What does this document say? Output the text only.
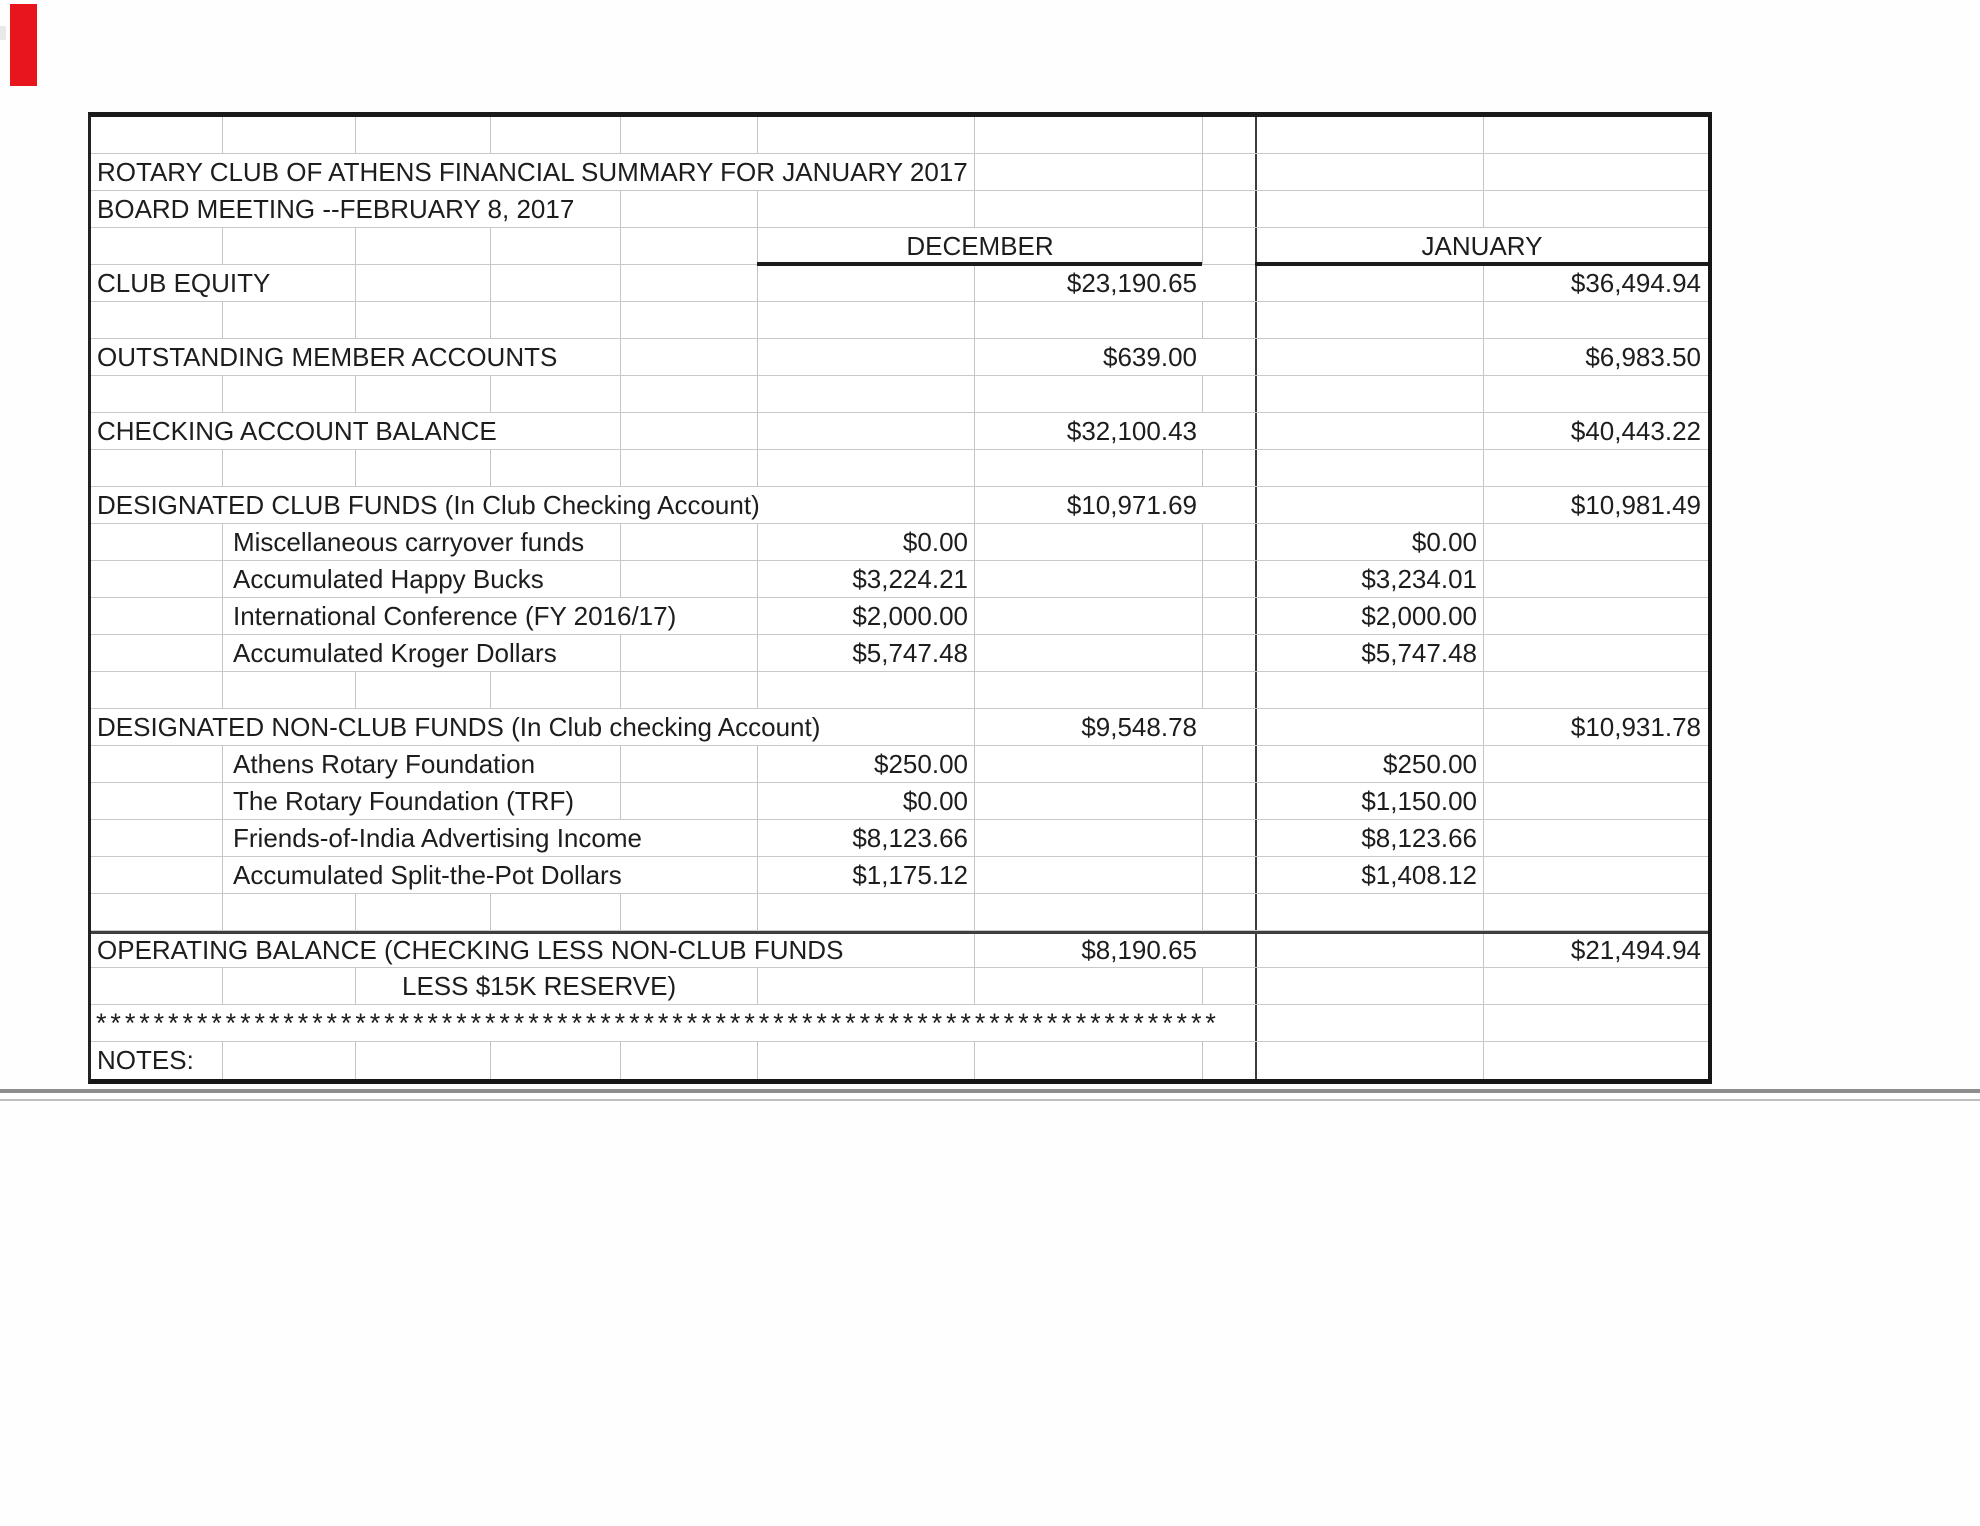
ROTARY CLUB OF ATHENS FINANCIAL SUMMARY FOR JANUARY 2017
BOARD MEETING --FEBRUARY 8, 2017
DECEMBER	JANUARY
CLUB EQUITY	$23,190.65	$36,494.94
OUTSTANDING MEMBER ACCOUNTS	$639.00	$6,983.50
CHECKING ACCOUNT BALANCE	$32,100.43	$40,443.22
DESIGNATED CLUB FUNDS (In Club Checking Account)	$10,971.69	$10,981.49
Miscellaneous carryover funds	$0.00	$0.00
Accumulated Happy Bucks	$3,224.21	$3,234.01
International Conference (FY 2016/17)	$2,000.00	$2,000.00
Accumulated Kroger Dollars	$5,747.48	$5,747.48
DESIGNATED NON-CLUB FUNDS (In Club checking Account)	$9,548.78	$10,931.78
Athens Rotary Foundation	$250.00	$250.00
The Rotary Foundation (TRF)	$0.00	$1,150.00
Friends-of-India Advertising Income	$8,123.66	$8,123.66
Accumulated Split-the-Pot Dollars	$1,175.12	$1,408.12
OPERATING BALANCE (CHECKING LESS NON-CLUB FUNDS	$8,190.65	$21,494.94
LESS $15K RESERVE)
******************************************************************************
NOTES:
